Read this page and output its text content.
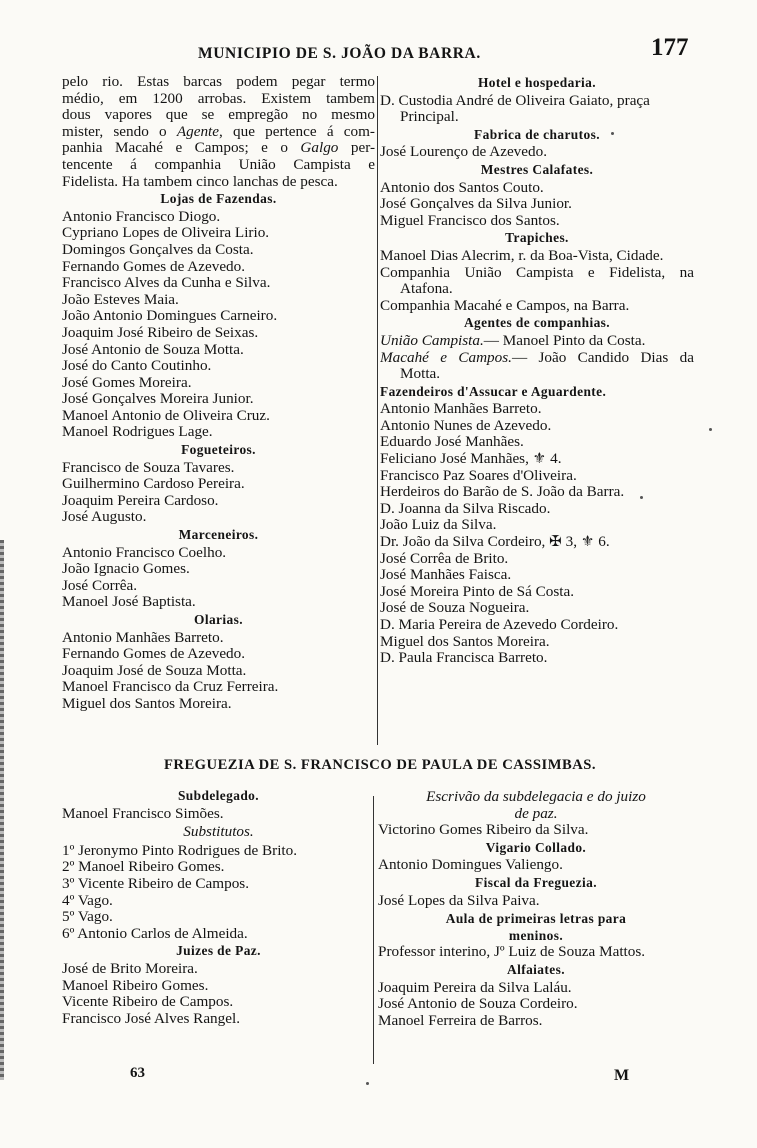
MUNICIPIO DE S. JOÃO DA BARRA.	177
pelo rio. Estas barcas podem pegar termo
médio, em 1200 arrobas. Existem tambem
dous vapores que se empregão no mesmo
mister, sendo o Agente, que pertence á com-
panhia Macahé e Campos; e o Galgo per-
tencente á companhia União Campista e
Fidelista. Ha tambem cinco lanchas de pesca.
Lojas de Fazendas.
Antonio Francisco Diogo.
Cypriano Lopes de Oliveira Lirio.
Domingos Gonçalves da Costa.
Fernando Gomes de Azevedo.
Francisco Alves da Cunha e Silva.
João Esteves Maia.
João Antonio Domingues Carneiro.
Joaquim José Ribeiro de Seixas.
José Antonio de Souza Motta.
José do Canto Coutinho.
José Gomes Moreira.
José Gonçalves Moreira Junior.
Manoel Antonio de Oliveira Cruz.
Manoel Rodrigues Lage.
Fogueteiros.
Francisco de Souza Tavares.
Guilhermino Cardoso Pereira.
Joaquim Pereira Cardoso.
José Augusto.
Marceneiros.
Antonio Francisco Coelho.
João Ignacio Gomes.
José Corrêa.
Manoel José Baptista.
Olarias.
Antonio Manhães Barreto.
Fernando Gomes de Azevedo.
Joaquim José de Souza Motta.
Manoel Francisco da Cruz Ferreira.
Miguel dos Santos Moreira.
Hotel e hospedaria.
D. Custodia André de Oliveira Gaiato, praça
Principal.
Fabrica de charutos.
José Lourenço de Azevedo.
Mestres Calafates.
Antonio dos Santos Couto.
José Gonçalves da Silva Junior.
Miguel Francisco dos Santos.
Trapiches.
Manoel Dias Alecrim, r. da Boa-Vista, Cidade.
Companhia União Campista e Fidelista, na
Atafona.
Companhia Macahé e Campos, na Barra.
Agentes de companhias.
União Campista.— Manoel Pinto da Costa.
Macahé e Campos.— João Candido Dias da
Motta.
Fazendeiros d'Assucar e Aguardente.
Antonio Manhães Barreto.
Antonio Nunes de Azevedo.
Eduardo José Manhães.
Feliciano José Manhães, ⚜ 4.
Francisco Paz Soares d'Oliveira.
Herdeiros do Barão de S. João da Barra.
D. Joanna da Silva Riscado.
João Luiz da Silva.
Dr. João da Silva Cordeiro, ✠ 3, ⚜ 6.
José Corrêa de Brito.
José Manhães Faisca.
José Moreira Pinto de Sá Costa.
José de Souza Nogueira.
D. Maria Pereira de Azevedo Cordeiro.
Miguel dos Santos Moreira.
D. Paula Francisca Barreto.
FREGUEZIA DE S. FRANCISCO DE PAULA DE CASSIMBAS.
Subdelegado.
Manoel Francisco Simões.
Substitutos.
1º Jeronymo Pinto Rodrigues de Brito.
2º Manoel Ribeiro Gomes.
3º Vicente Ribeiro de Campos.
4º Vago.
5º Vago.
6º Antonio Carlos de Almeida.
Juizes de Paz.
José de Brito Moreira.
Manoel Ribeiro Gomes.
Vicente Ribeiro de Campos.
Francisco José Alves Rangel.
Escrivão da subdelegacia e do juizo
de paz.
Victorino Gomes Ribeiro da Silva.
Vigario Collado.
Antonio Domingues Valiengo.
Fiscal da Freguezia.
José Lopes da Silva Paiva.
Aula de primeiras letras para
meninos.
Professor interino, Jº Luiz de Souza Mattos.
Alfaiates.
Joaquim Pereira da Silva Laláu.
José Antonio de Souza Cordeiro.
Manoel Ferreira de Barros.
63	M
